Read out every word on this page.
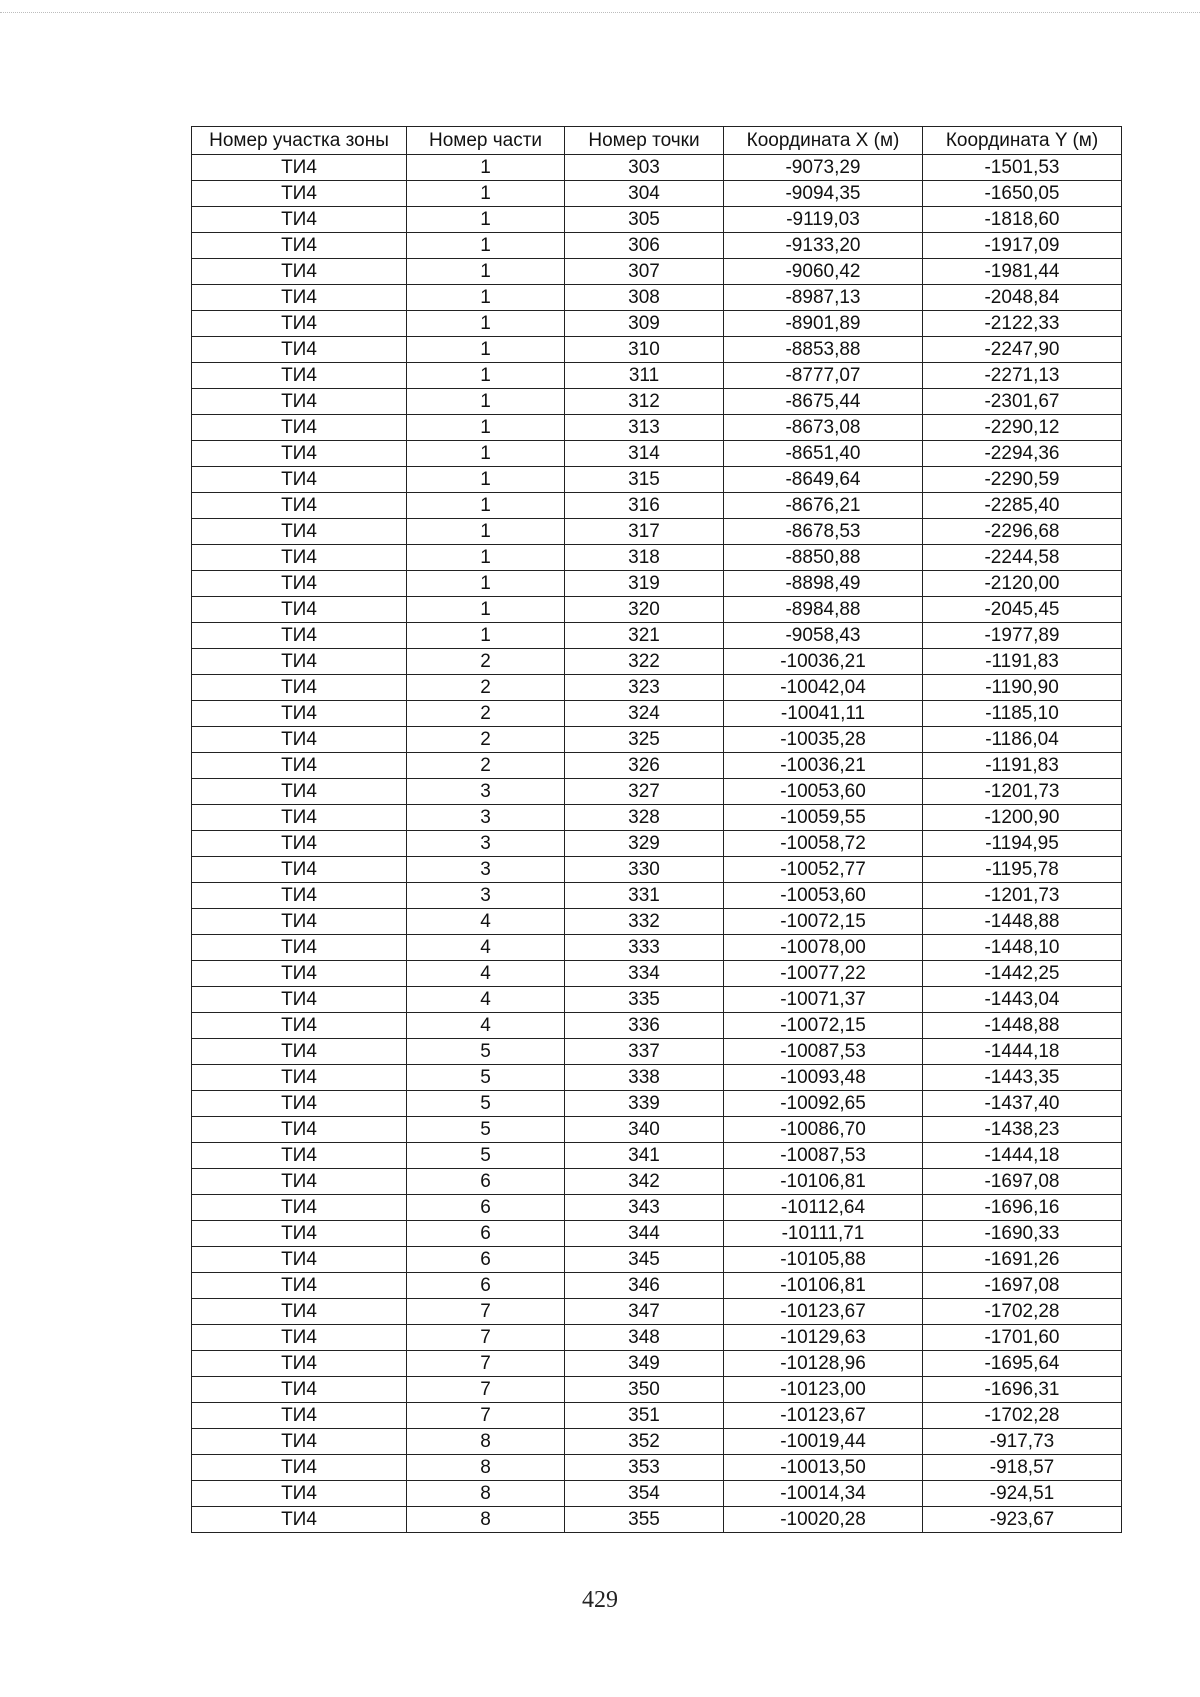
Номер участка зоны	Номер части	Номер точки	Координата X (м)	Координата Y (м)
ТИ4	1	303	-9073,29	-1501,53
ТИ4	1	304	-9094,35	-1650,05
ТИ4	1	305	-9119,03	-1818,60
ТИ4	1	306	-9133,20	-1917,09
ТИ4	1	307	-9060,42	-1981,44
ТИ4	1	308	-8987,13	-2048,84
ТИ4	1	309	-8901,89	-2122,33
ТИ4	1	310	-8853,88	-2247,90
ТИ4	1	311	-8777,07	-2271,13
ТИ4	1	312	-8675,44	-2301,67
ТИ4	1	313	-8673,08	-2290,12
ТИ4	1	314	-8651,40	-2294,36
ТИ4	1	315	-8649,64	-2290,59
ТИ4	1	316	-8676,21	-2285,40
ТИ4	1	317	-8678,53	-2296,68
ТИ4	1	318	-8850,88	-2244,58
ТИ4	1	319	-8898,49	-2120,00
ТИ4	1	320	-8984,88	-2045,45
ТИ4	1	321	-9058,43	-1977,89
ТИ4	2	322	-10036,21	-1191,83
ТИ4	2	323	-10042,04	-1190,90
ТИ4	2	324	-10041,11	-1185,10
ТИ4	2	325	-10035,28	-1186,04
ТИ4	2	326	-10036,21	-1191,83
ТИ4	3	327	-10053,60	-1201,73
ТИ4	3	328	-10059,55	-1200,90
ТИ4	3	329	-10058,72	-1194,95
ТИ4	3	330	-10052,77	-1195,78
ТИ4	3	331	-10053,60	-1201,73
ТИ4	4	332	-10072,15	-1448,88
ТИ4	4	333	-10078,00	-1448,10
ТИ4	4	334	-10077,22	-1442,25
ТИ4	4	335	-10071,37	-1443,04
ТИ4	4	336	-10072,15	-1448,88
ТИ4	5	337	-10087,53	-1444,18
ТИ4	5	338	-10093,48	-1443,35
ТИ4	5	339	-10092,65	-1437,40
ТИ4	5	340	-10086,70	-1438,23
ТИ4	5	341	-10087,53	-1444,18
ТИ4	6	342	-10106,81	-1697,08
ТИ4	6	343	-10112,64	-1696,16
ТИ4	6	344	-10111,71	-1690,33
ТИ4	6	345	-10105,88	-1691,26
ТИ4	6	346	-10106,81	-1697,08
ТИ4	7	347	-10123,67	-1702,28
ТИ4	7	348	-10129,63	-1701,60
ТИ4	7	349	-10128,96	-1695,64
ТИ4	7	350	-10123,00	-1696,31
ТИ4	7	351	-10123,67	-1702,28
ТИ4	8	352	-10019,44	-917,73
ТИ4	8	353	-10013,50	-918,57
ТИ4	8	354	-10014,34	-924,51
ТИ4	8	355	-10020,28	-923,67
429
